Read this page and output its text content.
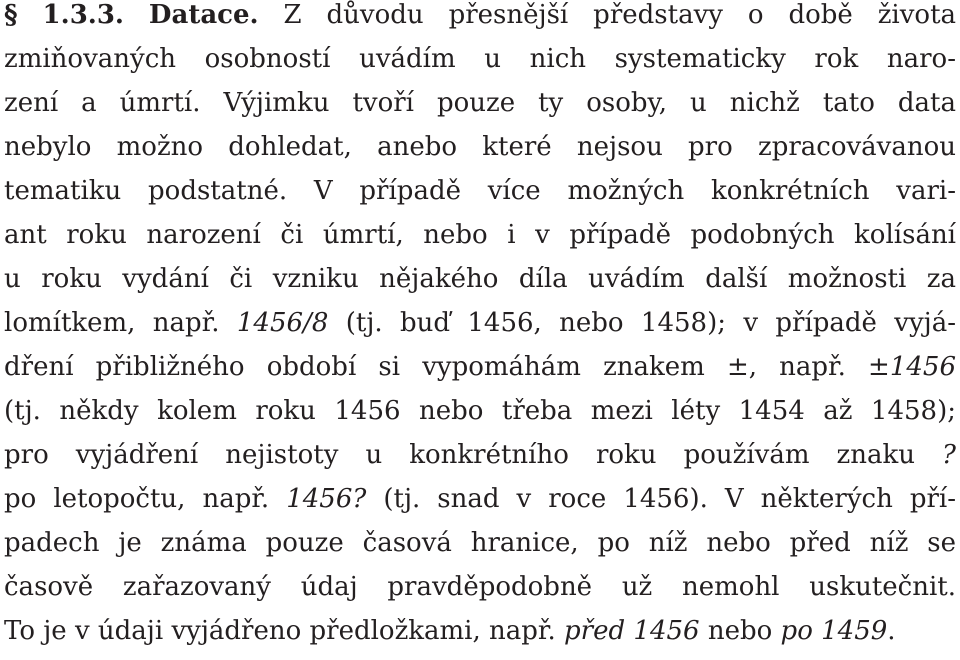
§ 1.3.3. Datace. Z důvodu přesnější představy o době života
zmiňovaných osobností uvádím u nich systematicky rok naro-
zení a úmrtí. Výjimku tvoří pouze ty osoby, u nichž tato data
nebylo možno dohledat, anebo které nejsou pro zpracovávanou
tematiku podstatné. V případě více možných konkrétních vari-
ant roku narození či úmrtí, nebo i v případě podobných kolísání
u roku vydání či vzniku nějakého díla uvádím další možnosti za
lomítkem, např. 1456/8 (tj. buď 1456, nebo 1458); v případě vyjá-
dření přibližného období si vypomáhám znakem ±, např. ±1456
(tj. někdy kolem roku 1456 nebo třeba mezi léty 1454 až 1458);
pro vyjádření nejistoty u konkrétního roku používám znaku ?
po letopočtu, např. 1456? (tj. snad v roce 1456). V některých pří-
padech je známa pouze časová hranice, po níž nebo před níž se
časově zařazovaný údaj pravděpodobně už nemohl uskutečnit.
To je v údaji vyjádřeno předložkami, např. před 1456 nebo po 1459.
